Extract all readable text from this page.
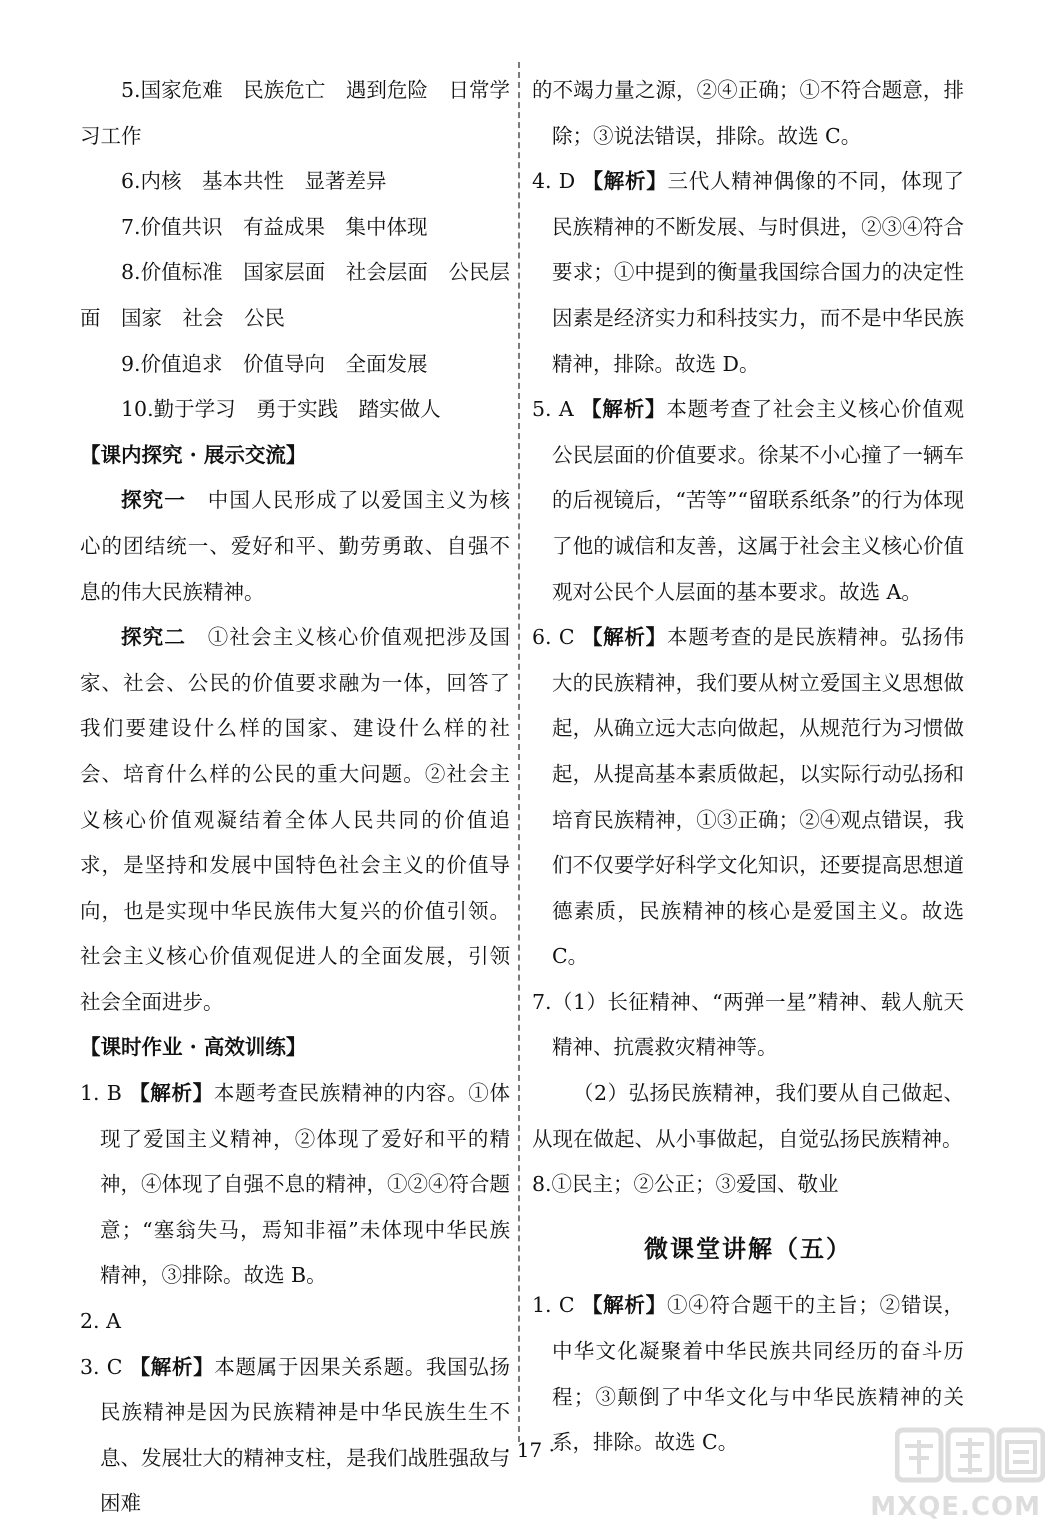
5.国家危难　民族危亡　遇到危险　日常学习工作

6.内核　基本共性　显著差异

7.价值共识　有益成果　集中体现

8.价值标准　国家层面　社会层面　公民层面　国家　社会　公民

9.价值追求　价值导向　全面发展

10.勤于学习　勇于实践　踏实做人

【课内探究 · 展示交流】

探究一　中国人民形成了以爱国主义为核心的团结统一、爱好和平、勤劳勇敢、自强不息的伟大民族精神。

探究二　①社会主义核心价值观把涉及国家、社会、公民的价值要求融为一体，回答了我们要建设什么样的国家、建设什么样的社会、培育什么样的公民的重大问题。②社会主义核心价值观凝结着全体人民共同的价值追求，是坚持和发展中国特色社会主义的价值导向，也是实现中华民族伟大复兴的价值引领。社会主义核心价值观促进人的全面发展，引领社会全面进步。

【课时作业 · 高效训练】

1. B 【解析】本题考查民族精神的内容。①体现了爱国主义精神，②体现了爱好和平的精神，④体现了自强不息的精神，①②④符合题意；“塞翁失马，焉知非福”未体现中华民族精神，③排除。故选 B。

2. A

3. C 【解析】本题属于因果关系题。我国弘扬民族精神是因为民族精神是中华民族生生不息、发展壮大的精神支柱，是我们战胜强敌与困难

的不竭力量之源，②④正确；①不符合题意，排除；③说法错误，排除。故选 C。

4. D 【解析】三代人精神偶像的不同，体现了民族精神的不断发展、与时俱进，②③④符合要求；①中提到的衡量我国综合国力的决定性因素是经济实力和科技实力，而不是中华民族精神，排除。故选 D。

5. A 【解析】本题考查了社会主义核心价值观公民层面的价值要求。徐某不小心撞了一辆车的后视镜后，“苦等”“留联系纸条”的行为体现了他的诚信和友善，这属于社会主义核心价值观对公民个人层面的基本要求。故选 A。

6. C 【解析】本题考查的是民族精神。弘扬伟大的民族精神，我们要从树立爱国主义思想做起，从确立远大志向做起，从规范行为习惯做起，从提高基本素质做起，以实际行动弘扬和培育民族精神，①③正确；②④观点错误，我们不仅要学好科学文化知识，还要提高思想道德素质，民族精神的核心是爱国主义。故选 C。

7.（1）长征精神、“两弹一星”精神、载人航天精神、抗震救灾精神等。

（2）弘扬民族精神，我们要从自己做起、从现在做起、从小事做起，自觉弘扬民族精神。

8.①民主；②公正；③爱国、敬业

微课堂讲解（五）

1. C 【解析】①④符合题干的主旨；②错误，中华文化凝聚着中华民族共同经历的奋斗历程；③颠倒了中华文化与中华民族精神的关系，排除。故选 C。

· 17 ·
MXQE.COM
